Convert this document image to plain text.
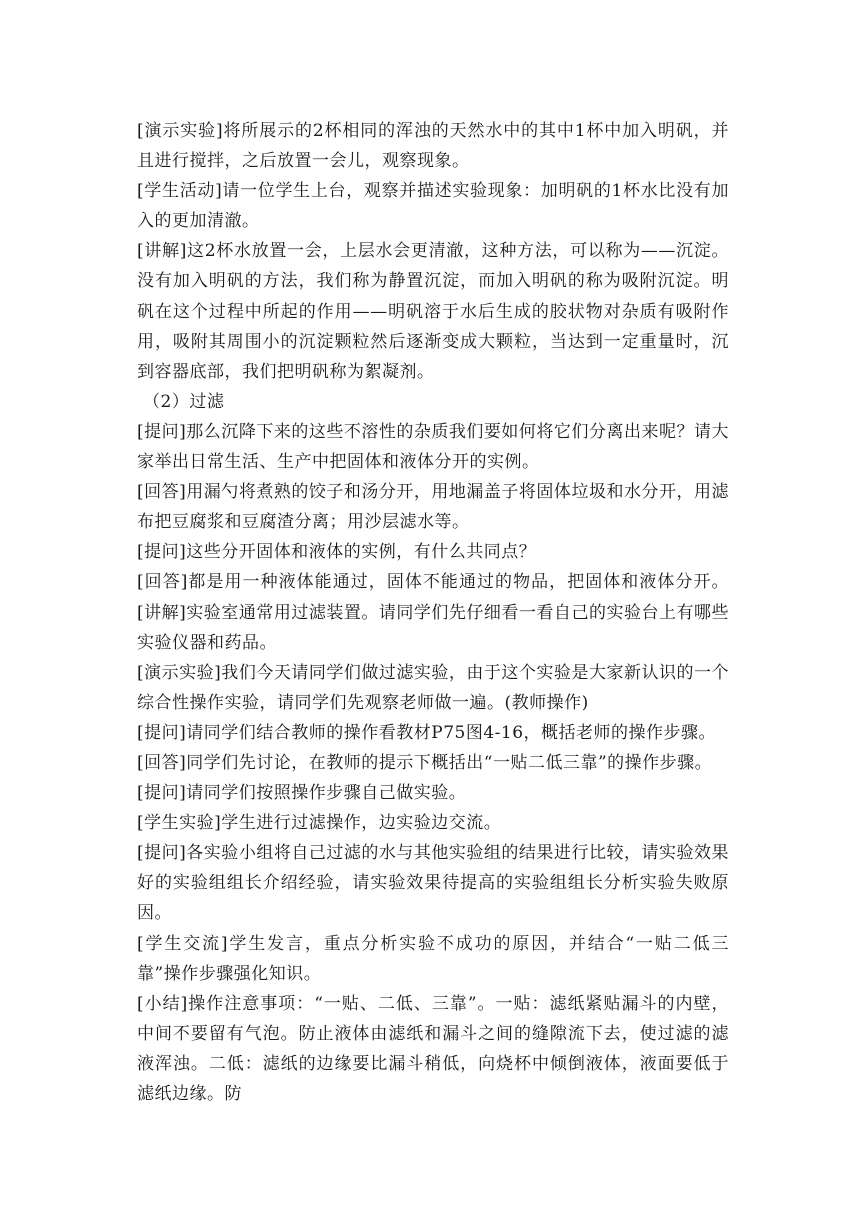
[演示实验]将所展示的2杯相同的浑浊的天然水中的其中1杯中加入明矾，并且进行搅拌，之后放置一会儿，观察现象。

[学生活动]请一位学生上台，观察并描述实验现象：加明矾的1杯水比没有加入的更加清澈。

[讲解]这2杯水放置一会，上层水会更清澈，这种方法，可以称为——沉淀。没有加入明矾的方法，我们称为静置沉淀，而加入明矾的称为吸附沉淀。明矾在这个过程中所起的作用——明矾溶于水后生成的胶状物对杂质有吸附作用，吸附其周围小的沉淀颗粒然后逐渐变成大颗粒，当达到一定重量时，沉到容器底部，我们把明矾称为絮凝剂。

（2）过滤

[提问]那么沉降下来的这些不溶性的杂质我们要如何将它们分离出来呢？请大家举出日常生活、生产中把固体和液体分开的实例。

[回答]用漏勺将煮熟的饺子和汤分开，用地漏盖子将固体垃圾和水分开，用滤布把豆腐浆和豆腐渣分离；用沙层滤水等。

[提问]这些分开固体和液体的实例，有什么共同点？

[回答]都是用一种液体能通过，固体不能通过的物品，把固体和液体分开。[讲解]实验室通常用过滤装置。请同学们先仔细看一看自己的实验台上有哪些实验仪器和药品。

[演示实验]我们今天请同学们做过滤实验，由于这个实验是大家新认识的一个综合性操作实验，请同学们先观察老师做一遍。(教师操作)

[提问]请同学们结合教师的操作看教材P75图4-16，概括老师的操作步骤。

[回答]同学们先讨论，在教师的提示下概括出“一贴二低三靠”的操作步骤。

[提问]请同学们按照操作步骤自己做实验。

[学生实验]学生进行过滤操作，边实验边交流。

[提问]各实验小组将自己过滤的水与其他实验组的结果进行比较，请实验效果好的实验组组长介绍经验，请实验效果待提高的实验组组长分析实验失败原因。

[学生交流]学生发言，重点分析实验不成功的原因，并结合“一贴二低三靠”操作步骤强化知识。

[小结]操作注意事项：“一贴、二低、三靠”。一贴：滤纸紧贴漏斗的内壁，中间不要留有气泡。防止液体由滤纸和漏斗之间的缝隙流下去，使过滤的滤液浑浊。二低：滤纸的边缘要比漏斗稍低，向烧杯中倾倒液体，液面要低于滤纸边缘。防
